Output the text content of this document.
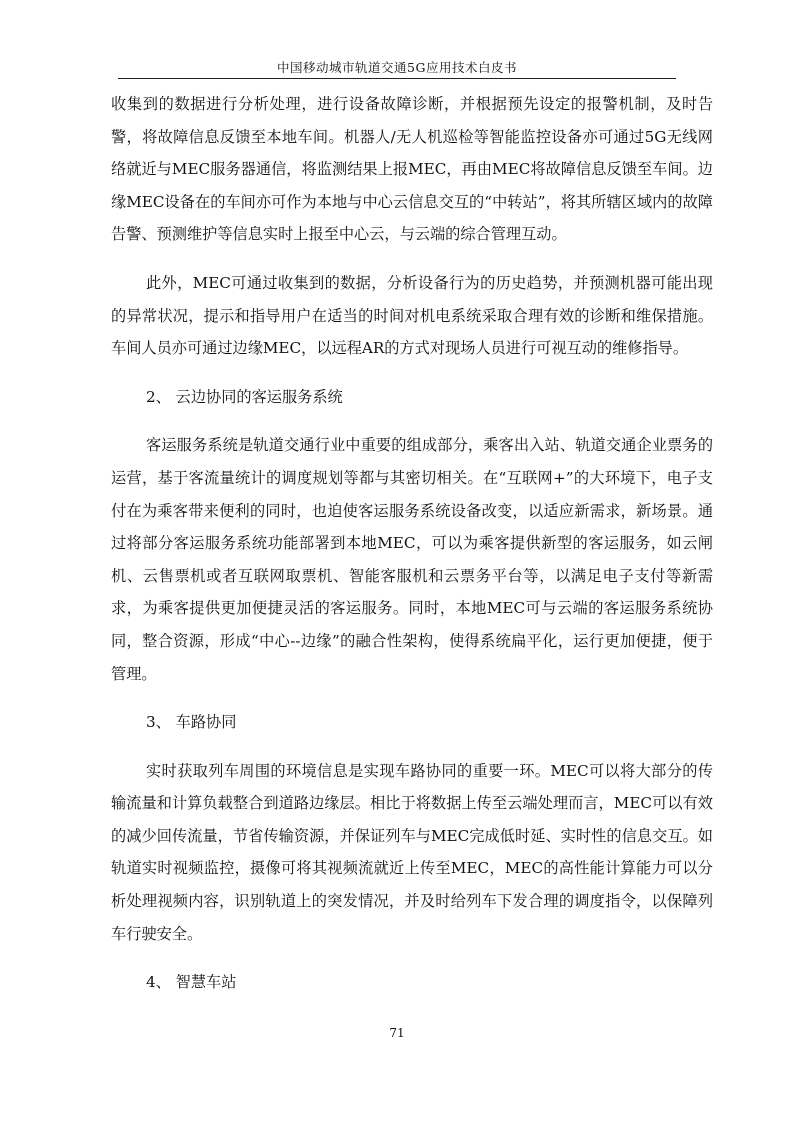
中国移动城市轨道交通5G应用技术白皮书

收集到的数据进行分析处理，进行设备故障诊断，并根据预先设定的报警机制，及时告警，将故障信息反馈至本地车间。机器人/无人机巡检等智能监控设备亦可通过5G无线网络就近与MEC服务器通信，将监测结果上报MEC，再由MEC将故障信息反馈至车间。边缘MEC设备在的车间亦可作为本地与中心云信息交互的“中转站”，将其所辖区域内的故障告警、预测维护等信息实时上报至中心云，与云端的综合管理互动。

此外，MEC可通过收集到的数据，分析设备行为的历史趋势，并预测机器可能出现的异常状况，提示和指导用户在适当的时间对机电系统采取合理有效的诊断和维保措施。车间人员亦可通过边缘MEC，以远程AR的方式对现场人员进行可视互动的维修指导。

2、 云边协同的客运服务系统

客运服务系统是轨道交通行业中重要的组成部分，乘客出入站、轨道交通企业票务的运营，基于客流量统计的调度规划等都与其密切相关。在“互联网+”的大环境下，电子支付在为乘客带来便利的同时，也迫使客运服务系统设备改变，以适应新需求，新场景。通过将部分客运服务系统功能部署到本地MEC，可以为乘客提供新型的客运服务，如云闸机、云售票机或者互联网取票机、智能客服机和云票务平台等，以满足电子支付等新需求，为乘客提供更加便捷灵活的客运服务。同时，本地MEC可与云端的客运服务系统协同，整合资源，形成“中心--边缘”的融合性架构，使得系统扁平化，运行更加便捷，便于管理。

3、 车路协同

实时获取列车周围的环境信息是实现车路协同的重要一环。MEC可以将大部分的传输流量和计算负载整合到道路边缘层。相比于将数据上传至云端处理而言，MEC可以有效的减少回传流量，节省传输资源，并保证列车与MEC完成低时延、实时性的信息交互。如轨道实时视频监控，摄像可将其视频流就近上传至MEC，MEC的高性能计算能力可以分析处理视频内容，识别轨道上的突发情况，并及时给列车下发合理的调度指令，以保障列车行驶安全。

4、 智慧车站
71
